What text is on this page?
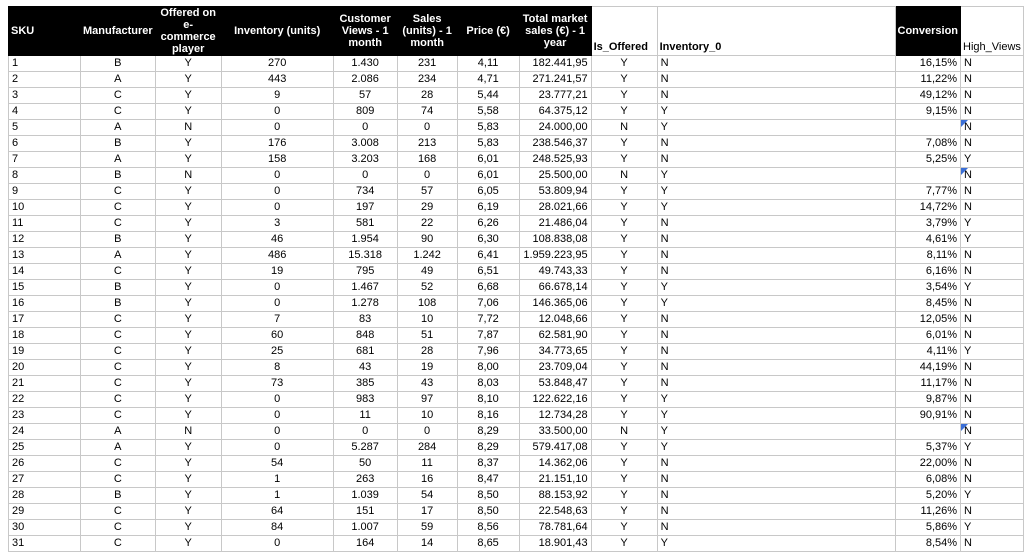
SKU	Manufacturer	Offered on e-commerce player	Inventory (units)	Customer Views - 1 month	Sales (units) - 1 month	Price (€)	Total market sales (€) - 1 year	Is_Offered	Inventory_0	Conversion	High_Views
1	B	Y	270	1.430	231	4,11	182.441,95	Y	N	16,15%	N
2	A	Y	443	2.086	234	4,71	271.241,57	Y	N	11,22%	N
3	C	Y	9	57	28	5,44	23.777,21	Y	N	49,12%	N
4	C	Y	0	809	74	5,58	64.375,12	Y	Y	9,15%	N
5	A	N	0	0	0	5,83	24.000,00	N	Y		N
6	B	Y	176	3.008	213	5,83	238.546,37	Y	N	7,08%	N
7	A	Y	158	3.203	168	6,01	248.525,93	Y	N	5,25%	Y
8	B	N	0	0	0	6,01	25.500,00	N	Y		N
9	C	Y	0	734	57	6,05	53.809,94	Y	Y	7,77%	N
10	C	Y	0	197	29	6,19	28.021,66	Y	Y	14,72%	N
11	C	Y	3	581	22	6,26	21.486,04	Y	N	3,79%	Y
12	B	Y	46	1.954	90	6,30	108.838,08	Y	N	4,61%	Y
13	A	Y	486	15.318	1.242	6,41	1.959.223,95	Y	N	8,11%	N
14	C	Y	19	795	49	6,51	49.743,33	Y	N	6,16%	N
15	B	Y	0	1.467	52	6,68	66.678,14	Y	Y	3,54%	Y
16	B	Y	0	1.278	108	7,06	146.365,06	Y	Y	8,45%	N
17	C	Y	7	83	10	7,72	12.048,66	Y	N	12,05%	N
18	C	Y	60	848	51	7,87	62.581,90	Y	N	6,01%	N
19	C	Y	25	681	28	7,96	34.773,65	Y	N	4,11%	Y
20	C	Y	8	43	19	8,00	23.709,04	Y	N	44,19%	N
21	C	Y	73	385	43	8,03	53.848,47	Y	N	11,17%	N
22	C	Y	0	983	97	8,10	122.622,16	Y	Y	9,87%	N
23	C	Y	0	11	10	8,16	12.734,28	Y	Y	90,91%	N
24	A	N	0	0	0	8,29	33.500,00	N	Y		N
25	A	Y	0	5.287	284	8,29	579.417,08	Y	Y	5,37%	Y
26	C	Y	54	50	11	8,37	14.362,06	Y	N	22,00%	N
27	C	Y	1	263	16	8,47	21.151,10	Y	N	6,08%	N
28	B	Y	1	1.039	54	8,50	88.153,92	Y	N	5,20%	Y
29	C	Y	64	151	17	8,50	22.548,63	Y	N	11,26%	N
30	C	Y	84	1.007	59	8,56	78.781,64	Y	N	5,86%	Y
31	C	Y	0	164	14	8,65	18.901,43	Y	Y	8,54%	N
